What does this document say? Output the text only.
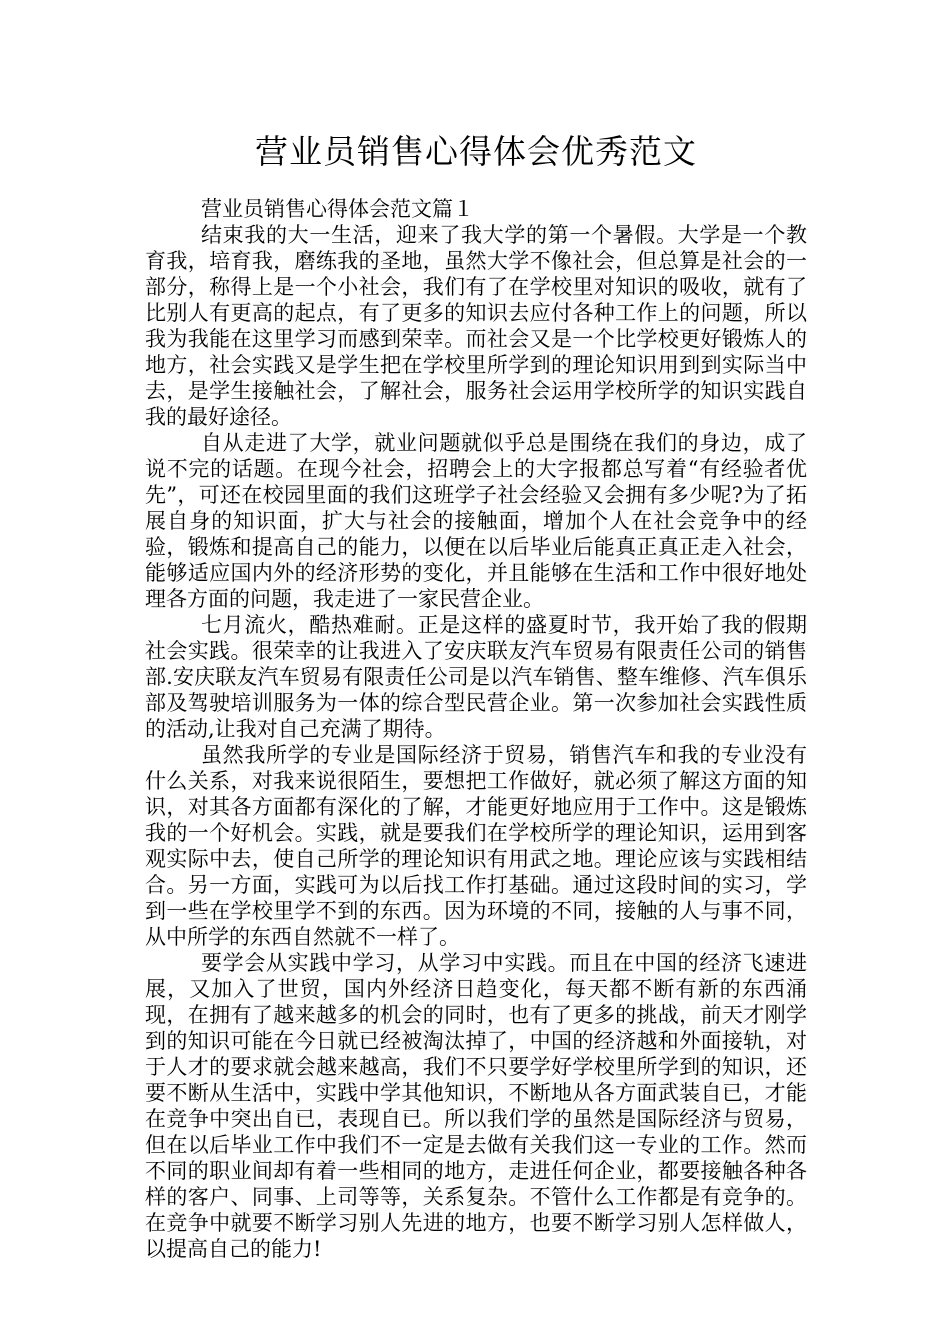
营业员销售心得体会优秀范文

营业员销售心得体会范文篇１

结束我的大一生活，迎来了我大学的第一个暑假。大学是一个教育我，培育我，磨练我的圣地，虽然大学不像社会，但总算是社会的一部分，称得上是一个小社会，我们有了在学校里对知识的吸收，就有了比别人有更高的起点，有了更多的知识去应付各种工作上的问题，所以我为我能在这里学习而感到荣幸。而社会又是一个比学校更好锻炼人的地方，社会实践又是学生把在学校里所学到的理论知识用到到实际当中去，是学生接触社会，了解社会，服务社会运用学校所学的知识实践自我的最好途径。

自从走进了大学，就业问题就似乎总是围绕在我们的身边，成了说不完的话题。在现今社会，招聘会上的大字报都总写着“有经验者优先”，可还在校园里面的我们这班学子社会经验又会拥有多少呢?为了拓展自身的知识面，扩大与社会的接触面，增加个人在社会竞争中的经验，锻炼和提高自己的能力，以便在以后毕业后能真正真正走入社会，能够适应国内外的经济形势的变化，并且能够在生活和工作中很好地处理各方面的问题，我走进了一家民营企业。

七月流火，酷热难耐。正是这样的盛夏时节，我开始了我的假期社会实践。很荣幸的让我进入了安庆联友汽车贸易有限责任公司的销售部.安庆联友汽车贸易有限责任公司是以汽车销售、整车维修、汽车俱乐部及驾驶培训服务为一体的综合型民营企业。第一次参加社会实践性质的活动,让我对自己充满了期待。

虽然我所学的专业是国际经济于贸易，销售汽车和我的专业没有什么关系，对我来说很陌生，要想把工作做好，就必须了解这方面的知识，对其各方面都有深化的了解，才能更好地应用于工作中。这是锻炼我的一个好机会。实践，就是要我们在学校所学的理论知识，运用到客观实际中去，使自己所学的理论知识有用武之地。理论应该与实践相结合。另一方面，实践可为以后找工作打基础。通过这段时间的实习，学到一些在学校里学不到的东西。因为环境的不同，接触的人与事不同，从中所学的东西自然就不一样了。

要学会从实践中学习，从学习中实践。而且在中国的经济飞速进展，又加入了世贸，国内外经济日趋变化，每天都不断有新的东西涌现，在拥有了越来越多的机会的同时，也有了更多的挑战，前天才刚学到的知识可能在今日就已经被淘汰掉了，中国的经济越和外面接轨，对于人才的要求就会越来越高，我们不只要学好学校里所学到的知识，还要不断从生活中，实践中学其他知识，不断地从各方面武装自已，才能在竞争中突出自已，表现自已。所以我们学的虽然是国际经济与贸易，但在以后毕业工作中我们不一定是去做有关我们这一专业的工作。然而不同的职业间却有着一些相同的地方，走进任何企业，都要接触各种各样的客户、同事、上司等等，关系复杂。不管什么工作都是有竞争的。在竞争中就要不断学习别人先进的地方，也要不断学习别人怎样做人，以提高自己的能力!
